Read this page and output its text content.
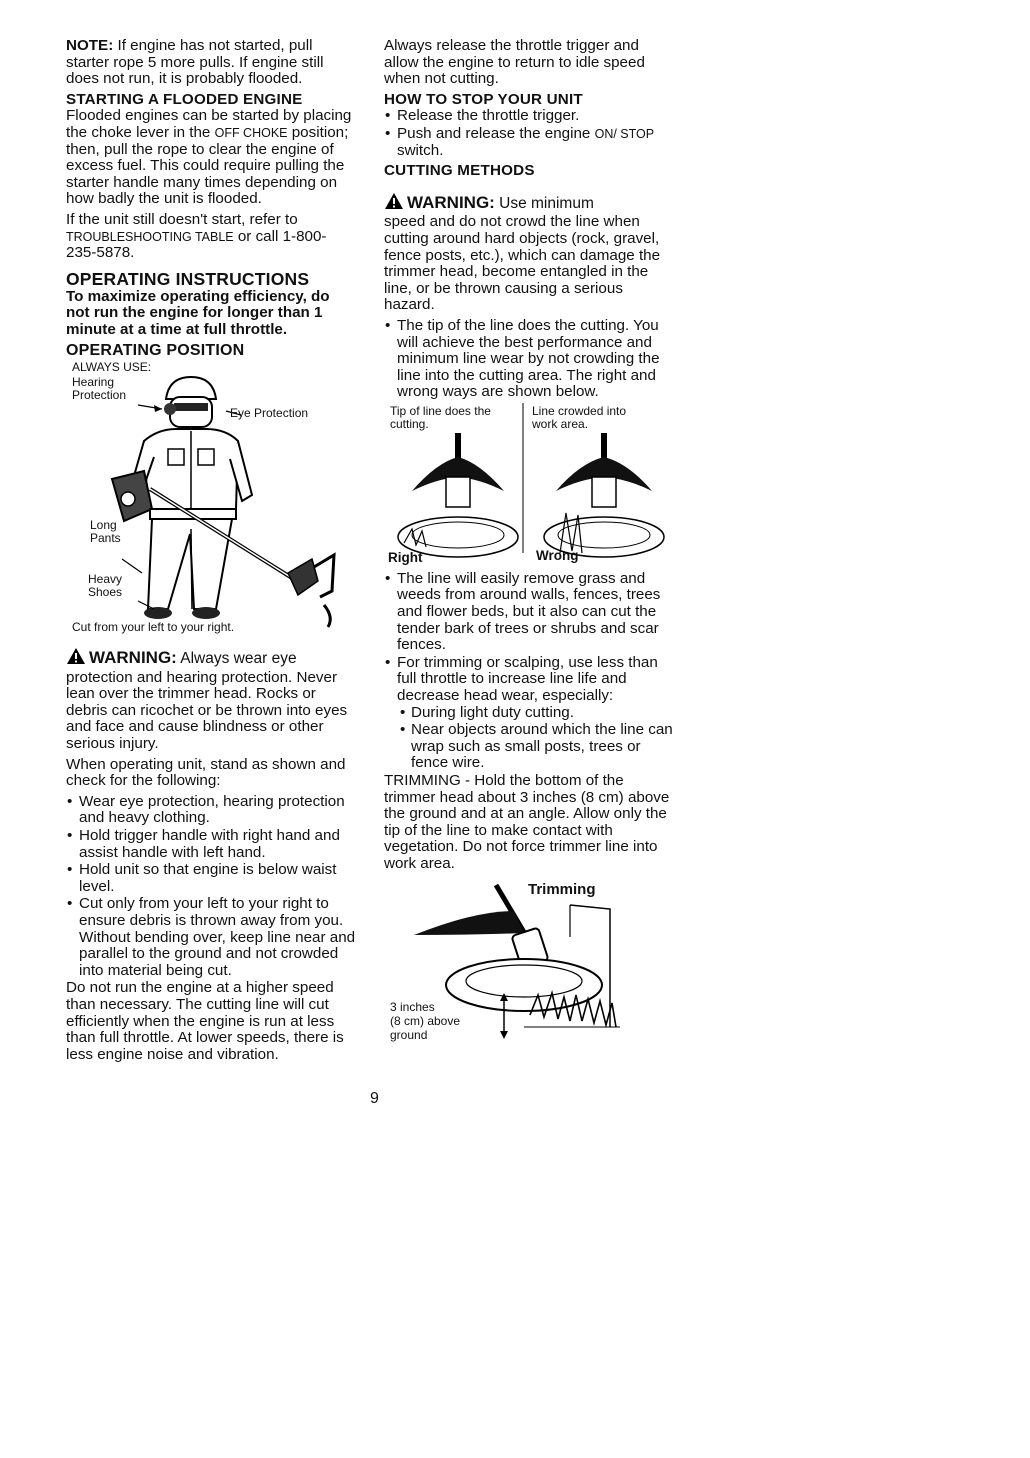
NOTE: If engine has not started, pull starter rope 5 more pulls. If engine still does not run, it is probably flooded.

STARTING A FLOODED ENGINE

Flooded engines can be started by placing the choke lever in the OFF CHOKE position; then, pull the rope to clear the engine of excess fuel. This could require pulling the starter handle many times depending on how badly the unit is flooded.

If the unit still doesn't start, refer to TROUBLESHOOTING TABLE or call 1-800-235-5878.

OPERATING INSTRUCTIONS

To maximize operating efficiency, do not run the engine for longer than 1 minute at a time at full throttle.

OPERATING POSITION
ALWAYS USE:
Hearing
Protection
Eye Protection
Long
Pants
Heavy
Shoes
Cut from your left to your right.

WARNING: Always wear eye

protection and hearing protection. Never lean over the trimmer head. Rocks or debris can ricochet or be thrown into eyes and face and cause blindness or other serious injury.

When operating unit, stand as shown and check for the following:

• Wear eye protection, hearing protection and heavy clothing.
• Hold trigger handle with right hand and assist handle with left hand.
• Hold unit so that engine is below waist level.
• Cut only from your left to your right to ensure debris is thrown away from you. Without bending over, keep line near and parallel to the ground and not crowded into material being cut.

Do not run the engine at a higher speed than necessary. The cutting line will cut efficiently when the engine is run at less than full throttle. At lower speeds, there is less engine noise and vibration.

Always release the throttle trigger and allow the engine to return to idle speed when not cutting.

HOW TO STOP YOUR UNIT
• Release the throttle trigger.
• Push and release the engine ON/ STOP switch.
CUTTING METHODS

WARNING: Use minimum

speed and do not crowd the line when cutting around hard objects (rock, gravel, fence posts, etc.), which can damage the trimmer head, become entangled in the line, or be thrown causing a serious hazard.

• The tip of the line does the cutting. You will achieve the best performance and minimum line wear by not crowding the line into the cutting area. The right and wrong ways are shown below.
Tip of line does the
cutting.
Line crowded into
work area.
Right	Wrong
• The line will easily remove grass and weeds from around walls, fences, trees and flower beds, but it also can cut the tender bark of trees or shrubs and scar fences.
• For trimming or scalping, use less than full throttle to increase line life and decrease head wear, especially:
• During light duty cutting.
• Near objects around which the line can wrap such as small posts, trees or fence wire.

TRIMMING - Hold the bottom of the trimmer head about 3 inches (8 cm) above the ground and at an angle. Allow only the tip of the line to make contact with vegetation. Do not force trimmer line into work area.

Trimming
3 inches
(8 cm) above
ground
9
